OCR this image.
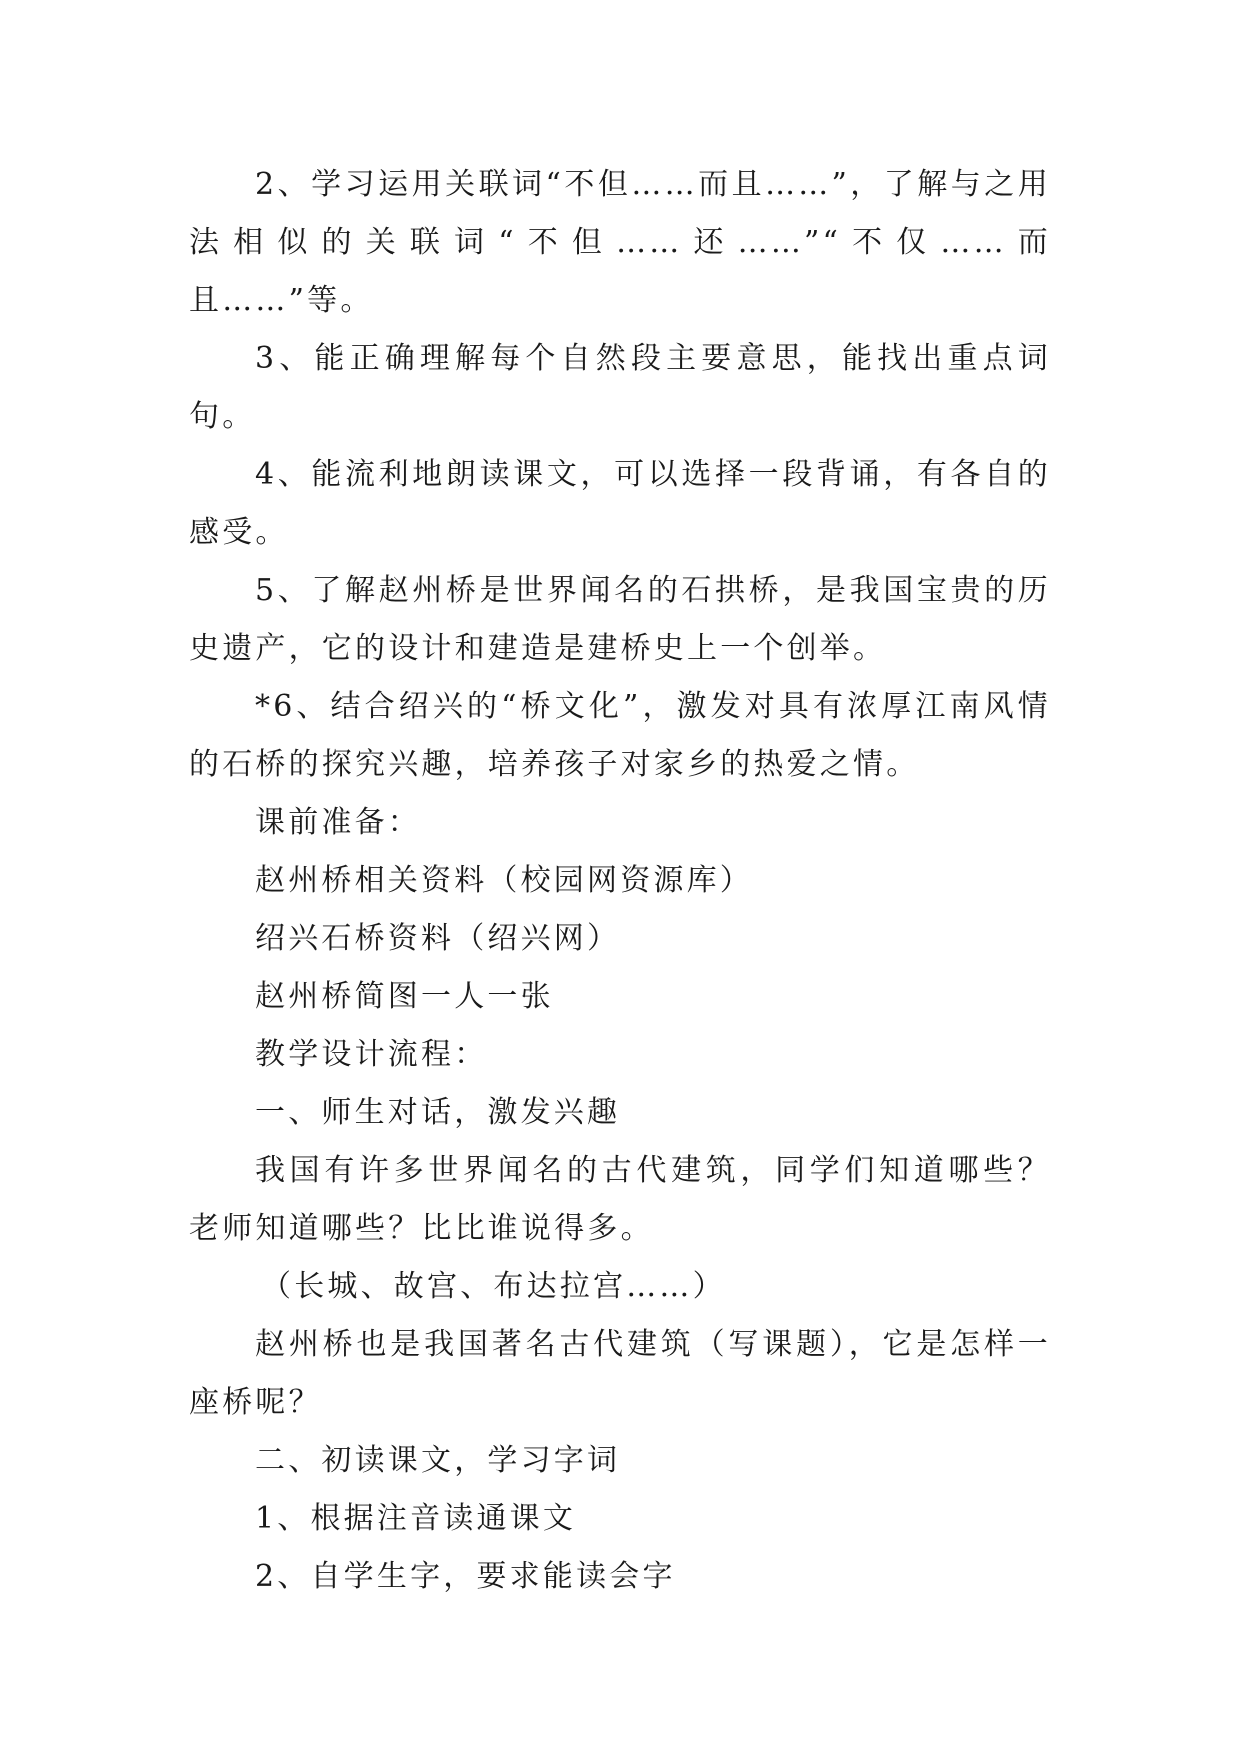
2、学习运用关联词“不但……而且……”，了解与之用法相似的关联词“不但……还……”“不仅……而且……”等。

3、能正确理解每个自然段主要意思，能找出重点词句。

4、能流利地朗读课文，可以选择一段背诵，有各自的感受。

5、了解赵州桥是世界闻名的石拱桥，是我国宝贵的历史遗产，它的设计和建造是建桥史上一个创举。

*6、结合绍兴的“桥文化”，激发对具有浓厚江南风情的石桥的探究兴趣，培养孩子对家乡的热爱之情。

课前准备：

赵州桥相关资料（校园网资源库）

绍兴石桥资料（绍兴网）

赵州桥简图一人一张

教学设计流程：

一、师生对话，激发兴趣

我国有许多世界闻名的古代建筑，同学们知道哪些？老师知道哪些？比比谁说得多。

（长城、故宫、布达拉宫……）

赵州桥也是我国著名古代建筑（写课题），它是怎样一座桥呢？

二、初读课文，学习字词

1、根据注音读通课文

2、自学生字，要求能读会字
